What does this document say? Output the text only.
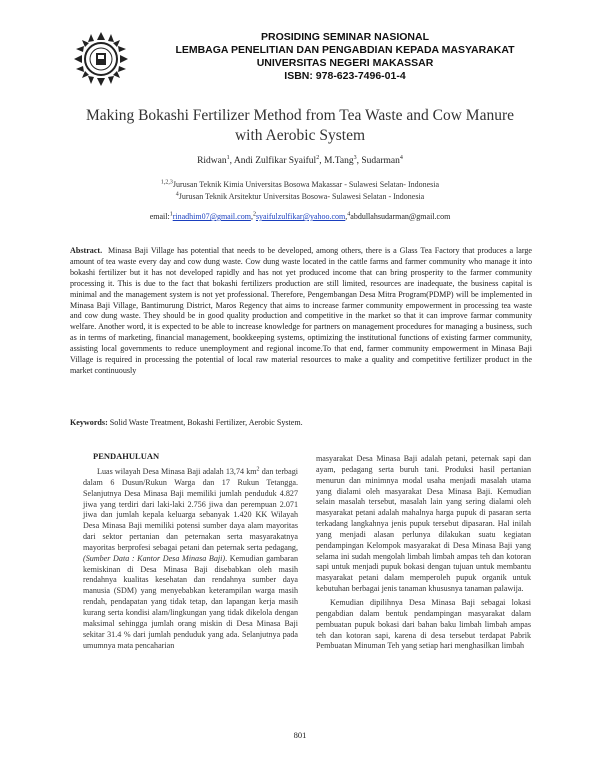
PROSIDING SEMINAR NASIONAL
LEMBAGA PENELITIAN DAN PENGABDIAN KEPADA MASYARAKAT
UNIVERSITAS NEGERI MAKASSAR
ISBN: 978-623-7496-01-4
Making Bokashi Fertilizer Method from Tea Waste and Cow Manure
with Aerobic System
Ridwan$^1$, Andi Zulfikar Syaiful$^2$, M.Tang$^3$, Sudarman$^4$
$^{1,2,3}$Jurusan Teknik Kimia Universitas Bosowa Makassar - Sulawesi Selatan- Indonesia
$^4$Jurusan Teknik Arsitektur Universitas Bosowa- Sulawesi Selatan - Indonesia
email:$^1$rinadhim07@gmail.com,$^2$syaifulzulfikar@yahoo.com,$^4$abdullahsudarman@gmail.com
Abstract. Minasa Baji Village has potential that needs to be developed, among others, there is a Glass Tea Factory that produces a large amount of tea waste every day and cow dung waste. Cow dung waste located in the cattle farms and farmer community who manage it into bokashi fertilizer but it has not developed rapidly and has not yet produced income that can bring prosperity to the farmer community processing it. This is due to the fact that bokashi fertilizers production are still limited, resources are inadequate, the business capital is minimal and the management system is not yet professional. Therefore, Pengembangan Desa Mitra Program(PDMP) will be implemented in Minasa Baji Village, Bantimurung District, Maros Regency that aims to increase farmer community empowerment in processing tea waste and cow dung waste. They should be in good quality production and competitive in the market so that it can improve farmar community welfare. Another word, it is expected to be able to increase knowledge for partners on management procedures for managing a business, such as in terms of marketing, financial management, bookkeeping systems, optimizing the institutional functions of existing farmer community, assisting local governments to reduce unemployment and regional income.To that end, farmer community empowerment in Minasa Baji Village is required in processing the potential of local raw material resources to make a quality and competitive fertilizer product in the market continuously
Keywords: Solid Waste Treatment, Bokashi Fertilizer, Aerobic System.
PENDAHULUAN

Luas wilayah Desa Minasa Baji adalah 13,74 $km^2$ dan terbagi dalam 6 Dusun/Rukun Warga dan 17 Rukun Tetangga. Selanjutnya Desa Minasa Baji memiliki jumlah penduduk 4.827 jiwa yang terdiri dari laki-laki 2.756 jiwa dan perempuan 2.071 jiwa dan jumlah kepala keluarga sebanyak 1.420 KK Wilayah Desa Minasa Baji memiliki potensi sumber daya alam mayoritas dari sektor pertanian dan peternakan serta masyarakatnya mayoritas berprofesi sebagai petani dan peternak serta pedagang, (Sumber Data : Kantor Desa Minasa Baji). Kemudian gambaran kemiskinan di Desa Minasa Baji disebabkan oleh masih rendahnya kualitas kesehatan dan rendahnya sumber daya manusia (SDM) yang menyebabkan keterampilan warga masih rendah, pendapatan yang tidak tetap, dan lapangan kerja masih kurang serta kondisi alam/lingkungan yang tidak dikelola dengan maksimal sehingga jumlah orang miskin di Desa Minasa Baji sekitar 31.4 % dari jumlah penduduk yang ada. Selanjutnya pada umumnya mata pencaharian

masyarakat Desa Minasa Baji adalah petani, peternak sapi dan ayam, pedagang serta buruh tani. Produksi hasil pertanian menurun dan minimnya modal usaha menjadi masalah utama yang dialami oleh masyarakat Desa Minasa Baji. Kemudian selain masalah tersebut, masalah lain yang sering dialami oleh masyarakat petani adalah mahalnya harga pupuk di pasaran serta terkadang langkahnya jenis pupuk tersebut dipasaran. Hal inilah yang menjadi alasan perlunya dilakukan suatu kegiatan pendampingan Kelompok masyarakat di Desa Minasa Baji yang selama ini sudah mengolah limbah limbah ampas teh dan kotoran sapi untuk menjadi pupuk bokasi dengan tujuan untuk membantu masyarakat petani dalam memperoleh pupuk organik untuk kebutuhan berbagai jenis tanaman khususnya tanaman palawija.

Kemudian dipilihnya Desa Minasa Baji sebagai lokasi pengabdian dalam bentuk pendampingan masyarakat dalam pembuatan pupuk bokasi dari bahan baku limbah limbah ampas teh dan kotoran sapi, karena di desa tersebut terdapat Pabrik Pembuatan Minuman Teh yang setiap hari menghasilkan limbah

801
